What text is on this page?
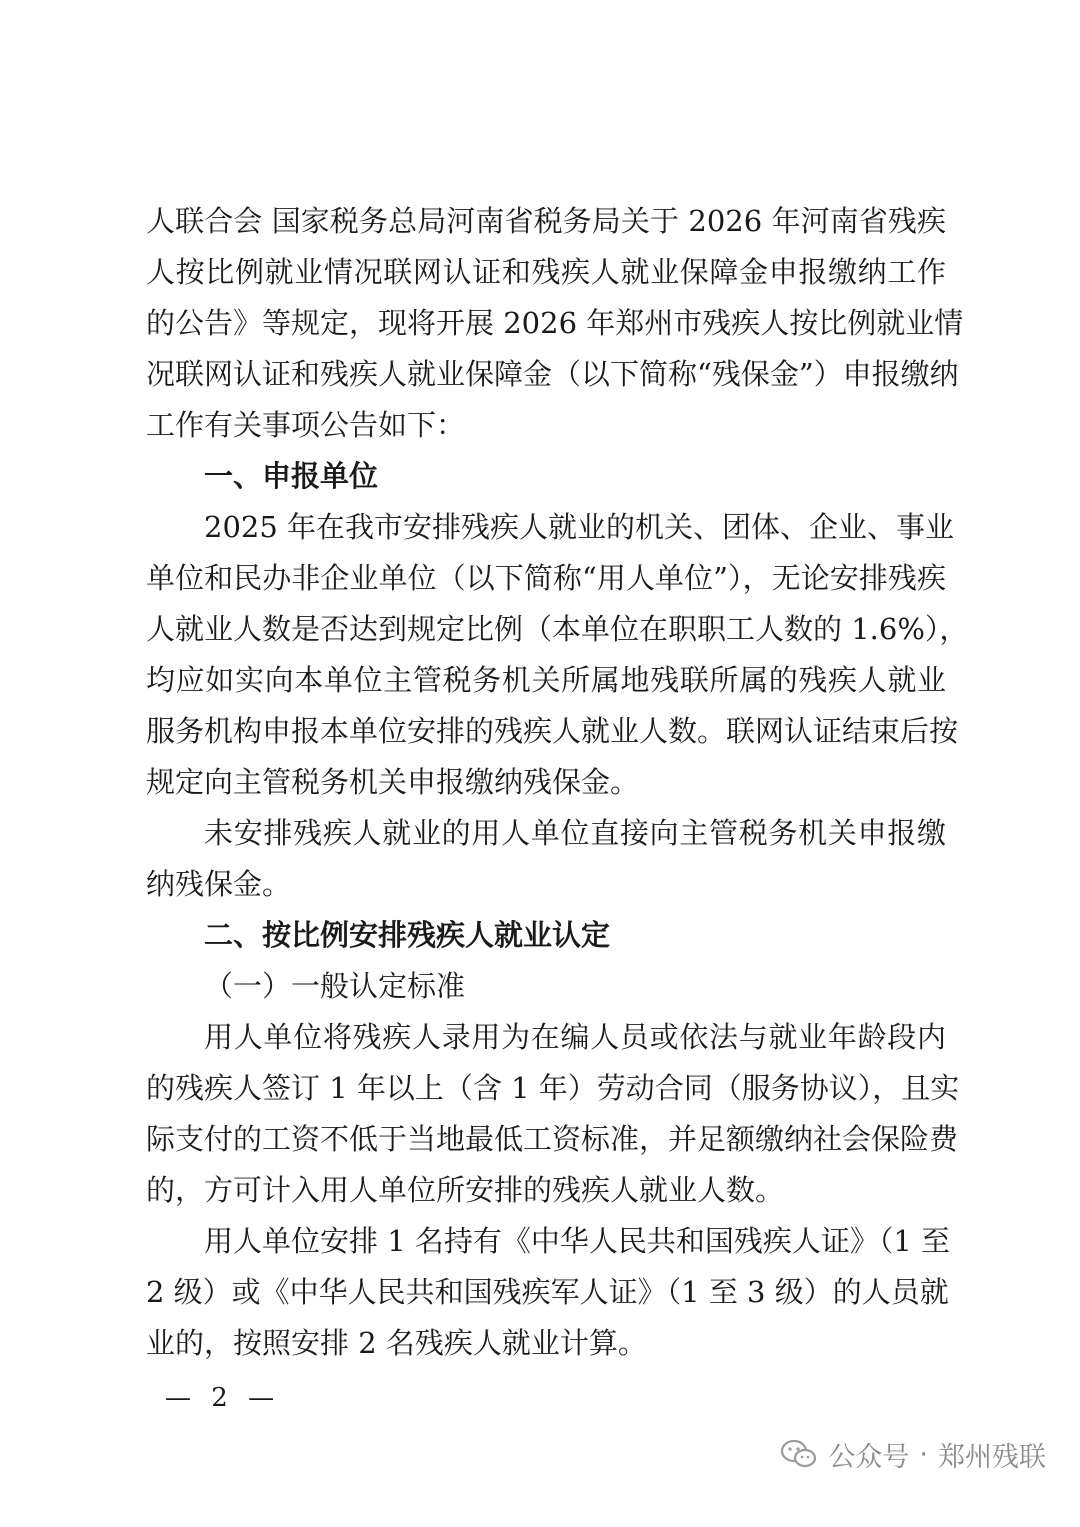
人联合会 国家税务总局河南省税务局关于 2026 年河南省残疾
人按比例就业情况联网认证和残疾人就业保障金申报缴纳工作
的公告》等规定，现将开展 2026 年郑州市残疾人按比例就业情
况联网认证和残疾人就业保障金（以下简称“残保金”）申报缴纳
工作有关事项公告如下：
一、申报单位
2025 年在我市安排残疾人就业的机关、团体、企业、事业
单位和民办非企业单位（以下简称“用人单位”），无论安排残疾
人就业人数是否达到规定比例（本单位在职职工人数的 1.6%），
均应如实向本单位主管税务机关所属地残联所属的残疾人就业
服务机构申报本单位安排的残疾人就业人数。联网认证结束后按
规定向主管税务机关申报缴纳残保金。
未安排残疾人就业的用人单位直接向主管税务机关申报缴
纳残保金。
二、按比例安排残疾人就业认定
（一）一般认定标准
用人单位将残疾人录用为在编人员或依法与就业年龄段内
的残疾人签订 1 年以上（含 1 年）劳动合同（服务协议），且实
际支付的工资不低于当地最低工资标准，并足额缴纳社会保险费
的，方可计入用人单位所安排的残疾人就业人数。
用人单位安排 1 名持有《中华人民共和国残疾人证》（1 至
2 级）或《中华人民共和国残疾军人证》（1 至 3 级）的人员就
业的，按照安排 2 名残疾人就业计算。
— 2 —
公众号 · 郑州残联
